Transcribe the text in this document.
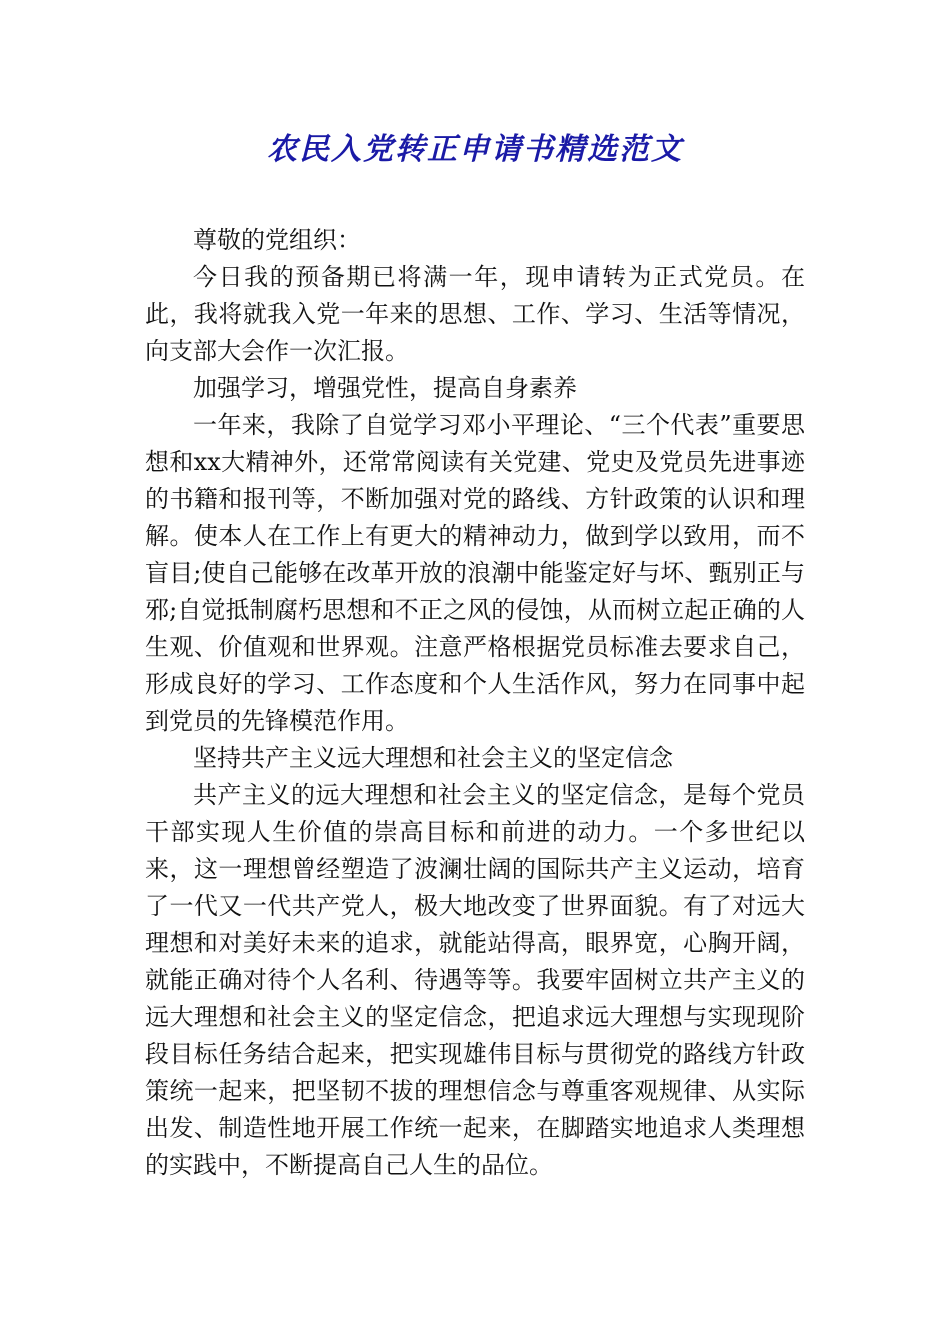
农民入党转正申请书精选范文

尊敬的党组织：

今日我的预备期已将满一年，现申请转为正式党员。在此，我将就我入党一年来的思想、工作、学习、生活等情况，向支部大会作一次汇报。

加强学习，增强党性，提高自身素养

一年来，我除了自觉学习邓小平理论、“三个代表”重要思想和xx大精神外，还常常阅读有关党建、党史及党员先进事迹的书籍和报刊等，不断加强对党的路线、方针政策的认识和理解。使本人在工作上有更大的精神动力，做到学以致用，而不盲目;使自己能够在改革开放的浪潮中能鉴定好与坏、甄别正与邪;自觉抵制腐朽思想和不正之风的侵蚀，从而树立起正确的人生观、价值观和世界观。注意严格根据党员标准去要求自己，形成良好的学习、工作态度和个人生活作风，努力在同事中起到党员的先锋模范作用。

坚持共产主义远大理想和社会主义的坚定信念

共产主义的远大理想和社会主义的坚定信念，是每个党员干部实现人生价值的崇高目标和前进的动力。一个多世纪以来，这一理想曾经塑造了波澜壮阔的国际共产主义运动，培育了一代又一代共产党人，极大地改变了世界面貌。有了对远大理想和对美好未来的追求，就能站得高，眼界宽，心胸开阔，就能正确对待个人名利、待遇等等。我要牢固树立共产主义的远大理想和社会主义的坚定信念，把追求远大理想与实现现阶段目标任务结合起来，把实现雄伟目标与贯彻党的路线方针政策统一起来，把坚韧不拔的理想信念与尊重客观规律、从实际出发、制造性地开展工作统一起来，在脚踏实地追求人类理想的实践中，不断提高自己人生的品位。
